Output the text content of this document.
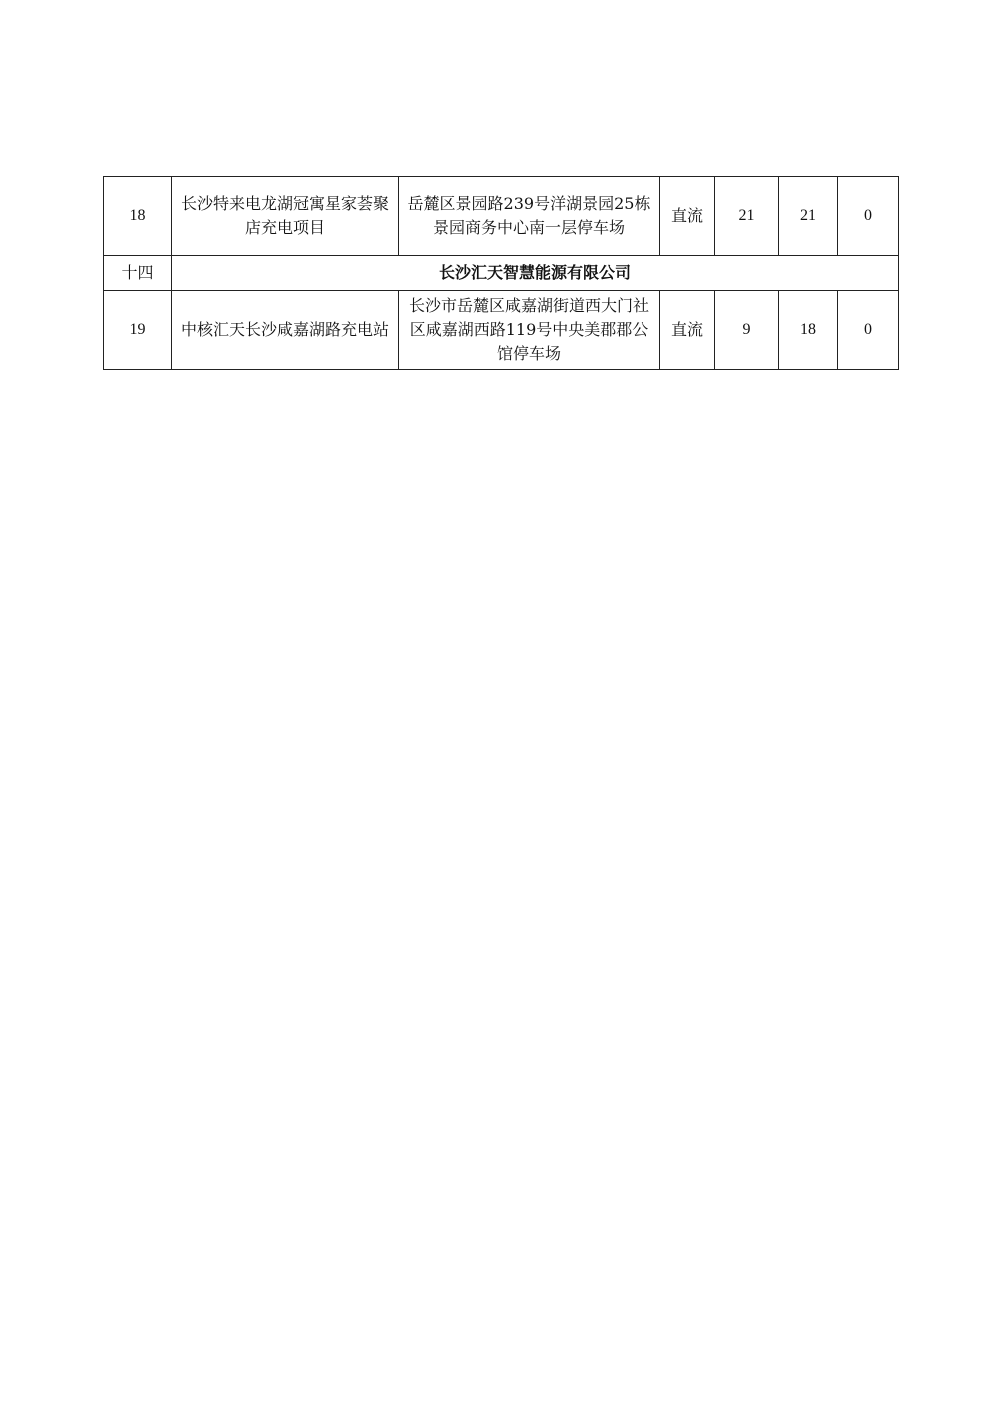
18	长沙特来电龙湖冠寓星家荟聚店充电项目	岳麓区景园路239号洋湖景园25栋景园商务中心南一层停车场	直流	21	21	0
十四	长沙汇天智慧能源有限公司					
19	中核汇天长沙咸嘉湖路充电站	长沙市岳麓区咸嘉湖街道西大门社区咸嘉湖西路119号中央美郡郡公馆停车场	直流	9	18	0
